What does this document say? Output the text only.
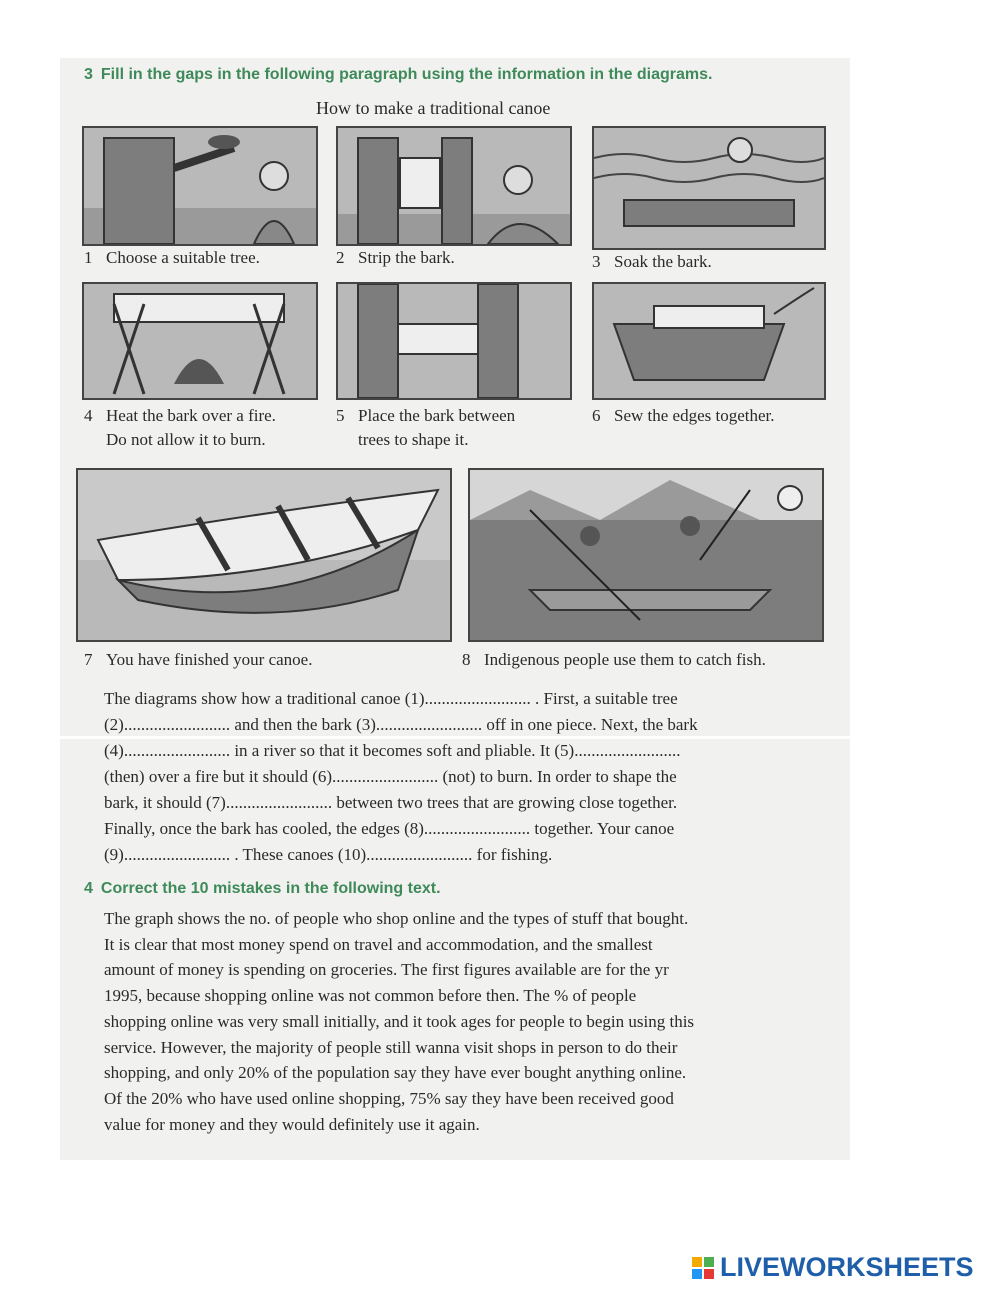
3 Fill in the gaps in the following paragraph using the information in the diagrams.
How to make a traditional canoe
1 Choose a suitable tree.	2 Strip the bark.	3 Soak the bark.
4 Heat the bark over a fire.
Do not allow it to burn.
5 Place the bark between
trees to shape it.
6 Sew the edges together.
7 You have finished your canoe.	8 Indigenous people use them to catch fish.
The diagrams show how a traditional canoe (1)......................... . First, a suitable tree
(2)......................... and then the bark (3)......................... off in one piece. Next, the bark
(4)......................... in a river so that it becomes soft and pliable. It (5).........................
(then) over a fire but it should (6)......................... (not) to burn. In order to shape the
bark, it should (7)......................... between two trees that are growing close together.
Finally, once the bark has cooled, the edges (8)......................... together. Your canoe
(9)......................... . These canoes (10)......................... for fishing.
4 Correct the 10 mistakes in the following text.
The graph shows the no. of people who shop online and the types of stuff that bought.
It is clear that most money spend on travel and accommodation, and the smallest
amount of money is spending on groceries. The first figures available are for the yr
1995, because shopping online was not common before then. The % of people
shopping online was very small initially, and it took ages for people to begin using this
service. However, the majority of people still wanna visit shops in person to do their
shopping, and only 20% of the population say they have ever bought anything online.
Of the 20% who have used online shopping, 75% say they have been received good
value for money and they would definitely use it again.
LIVEWORKSHEETS
